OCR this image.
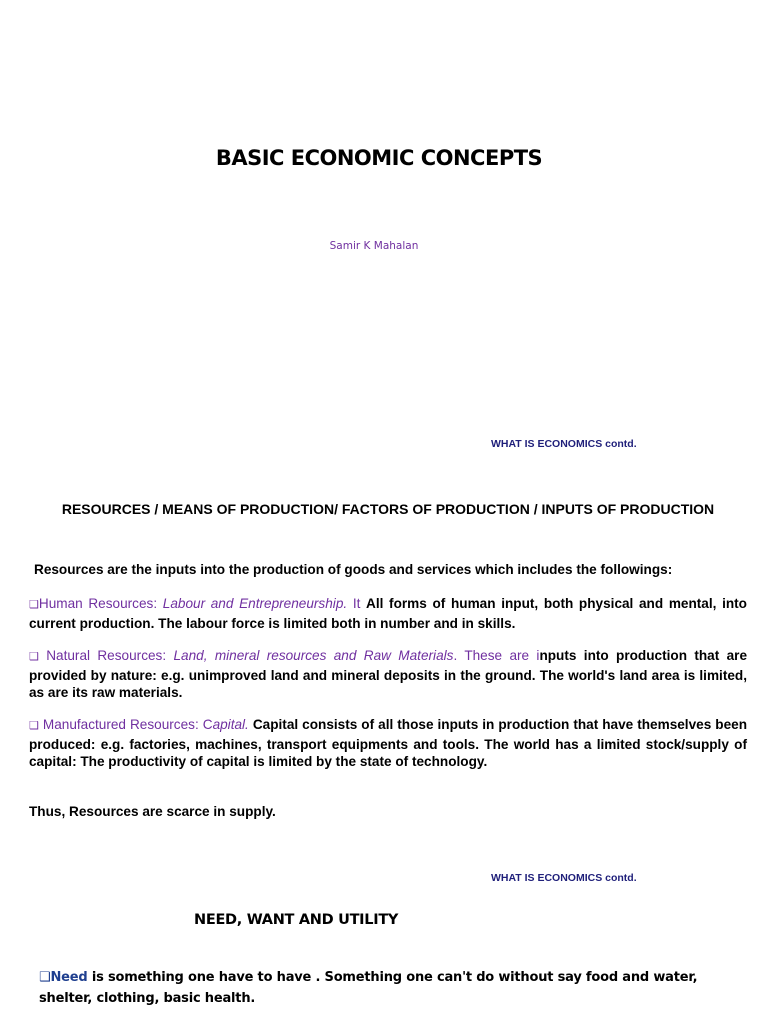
BASIC ECONOMIC CONCEPTS
Samir K Mahalan
WHAT IS ECONOMICS contd.
RESOURCES / MEANS OF PRODUCTION/ FACTORS OF PRODUCTION / INPUTS OF PRODUCTION
Resources are the inputs into the production of goods and services which includes the followings:
❑Human Resources: Labour and Entrepreneurship. It All forms of human input, both physical and mental, into current production. The labour force is limited both in number and in skills.
❑ Natural Resources: Land, mineral resources and Raw Materials. These are inputs into production that are provided by nature: e.g. unimproved land and mineral deposits in the ground. The world's land area is limited, as are its raw materials.
❑ Manufactured Resources: Capital. Capital consists of all those inputs in production that have themselves been produced: e.g. factories, machines, transport equipments and tools. The world has a limited stock/supply of capital: The productivity of capital is limited by the state of technology.
Thus, Resources are scarce in supply.
WHAT IS ECONOMICS contd.
NEED, WANT AND UTILITY
❑Need is something one have to have . Something one can't do without say food and water, shelter, clothing, basic health.
